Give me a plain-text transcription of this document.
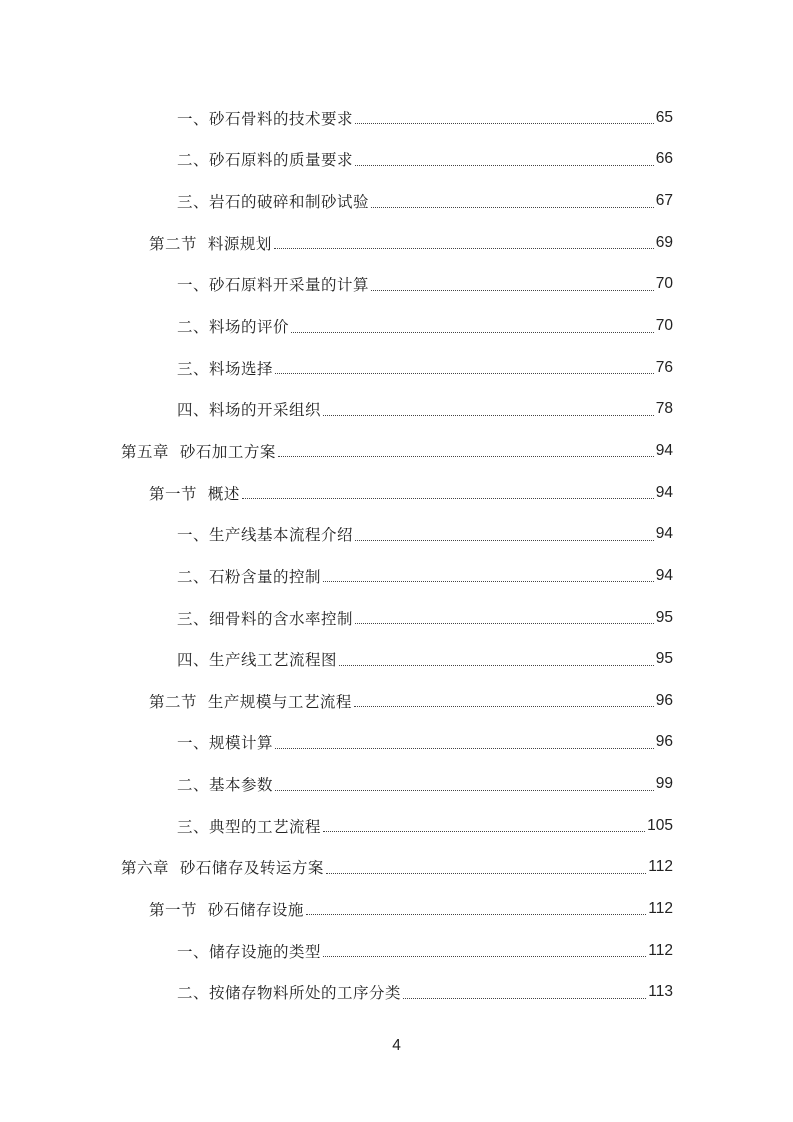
一、砂石骨料的技术要求	65
二、砂石原料的质量要求	66
三、岩石的破碎和制砂试验	67
第二节  料源规划	69
一、砂石原料开采量的计算	70
二、料场的评价	70
三、料场选择	76
四、料场的开采组织	78
第五章  砂石加工方案	94
第一节  概述	94
一、生产线基本流程介绍	94
二、石粉含量的控制	94
三、细骨料的含水率控制	95
四、生产线工艺流程图	95
第二节  生产规模与工艺流程	96
一、规模计算	96
二、基本参数	99
三、典型的工艺流程	105
第六章  砂石储存及转运方案	112
第一节  砂石储存设施	112
一、储存设施的类型	112
二、按储存物料所处的工序分类	113
4
